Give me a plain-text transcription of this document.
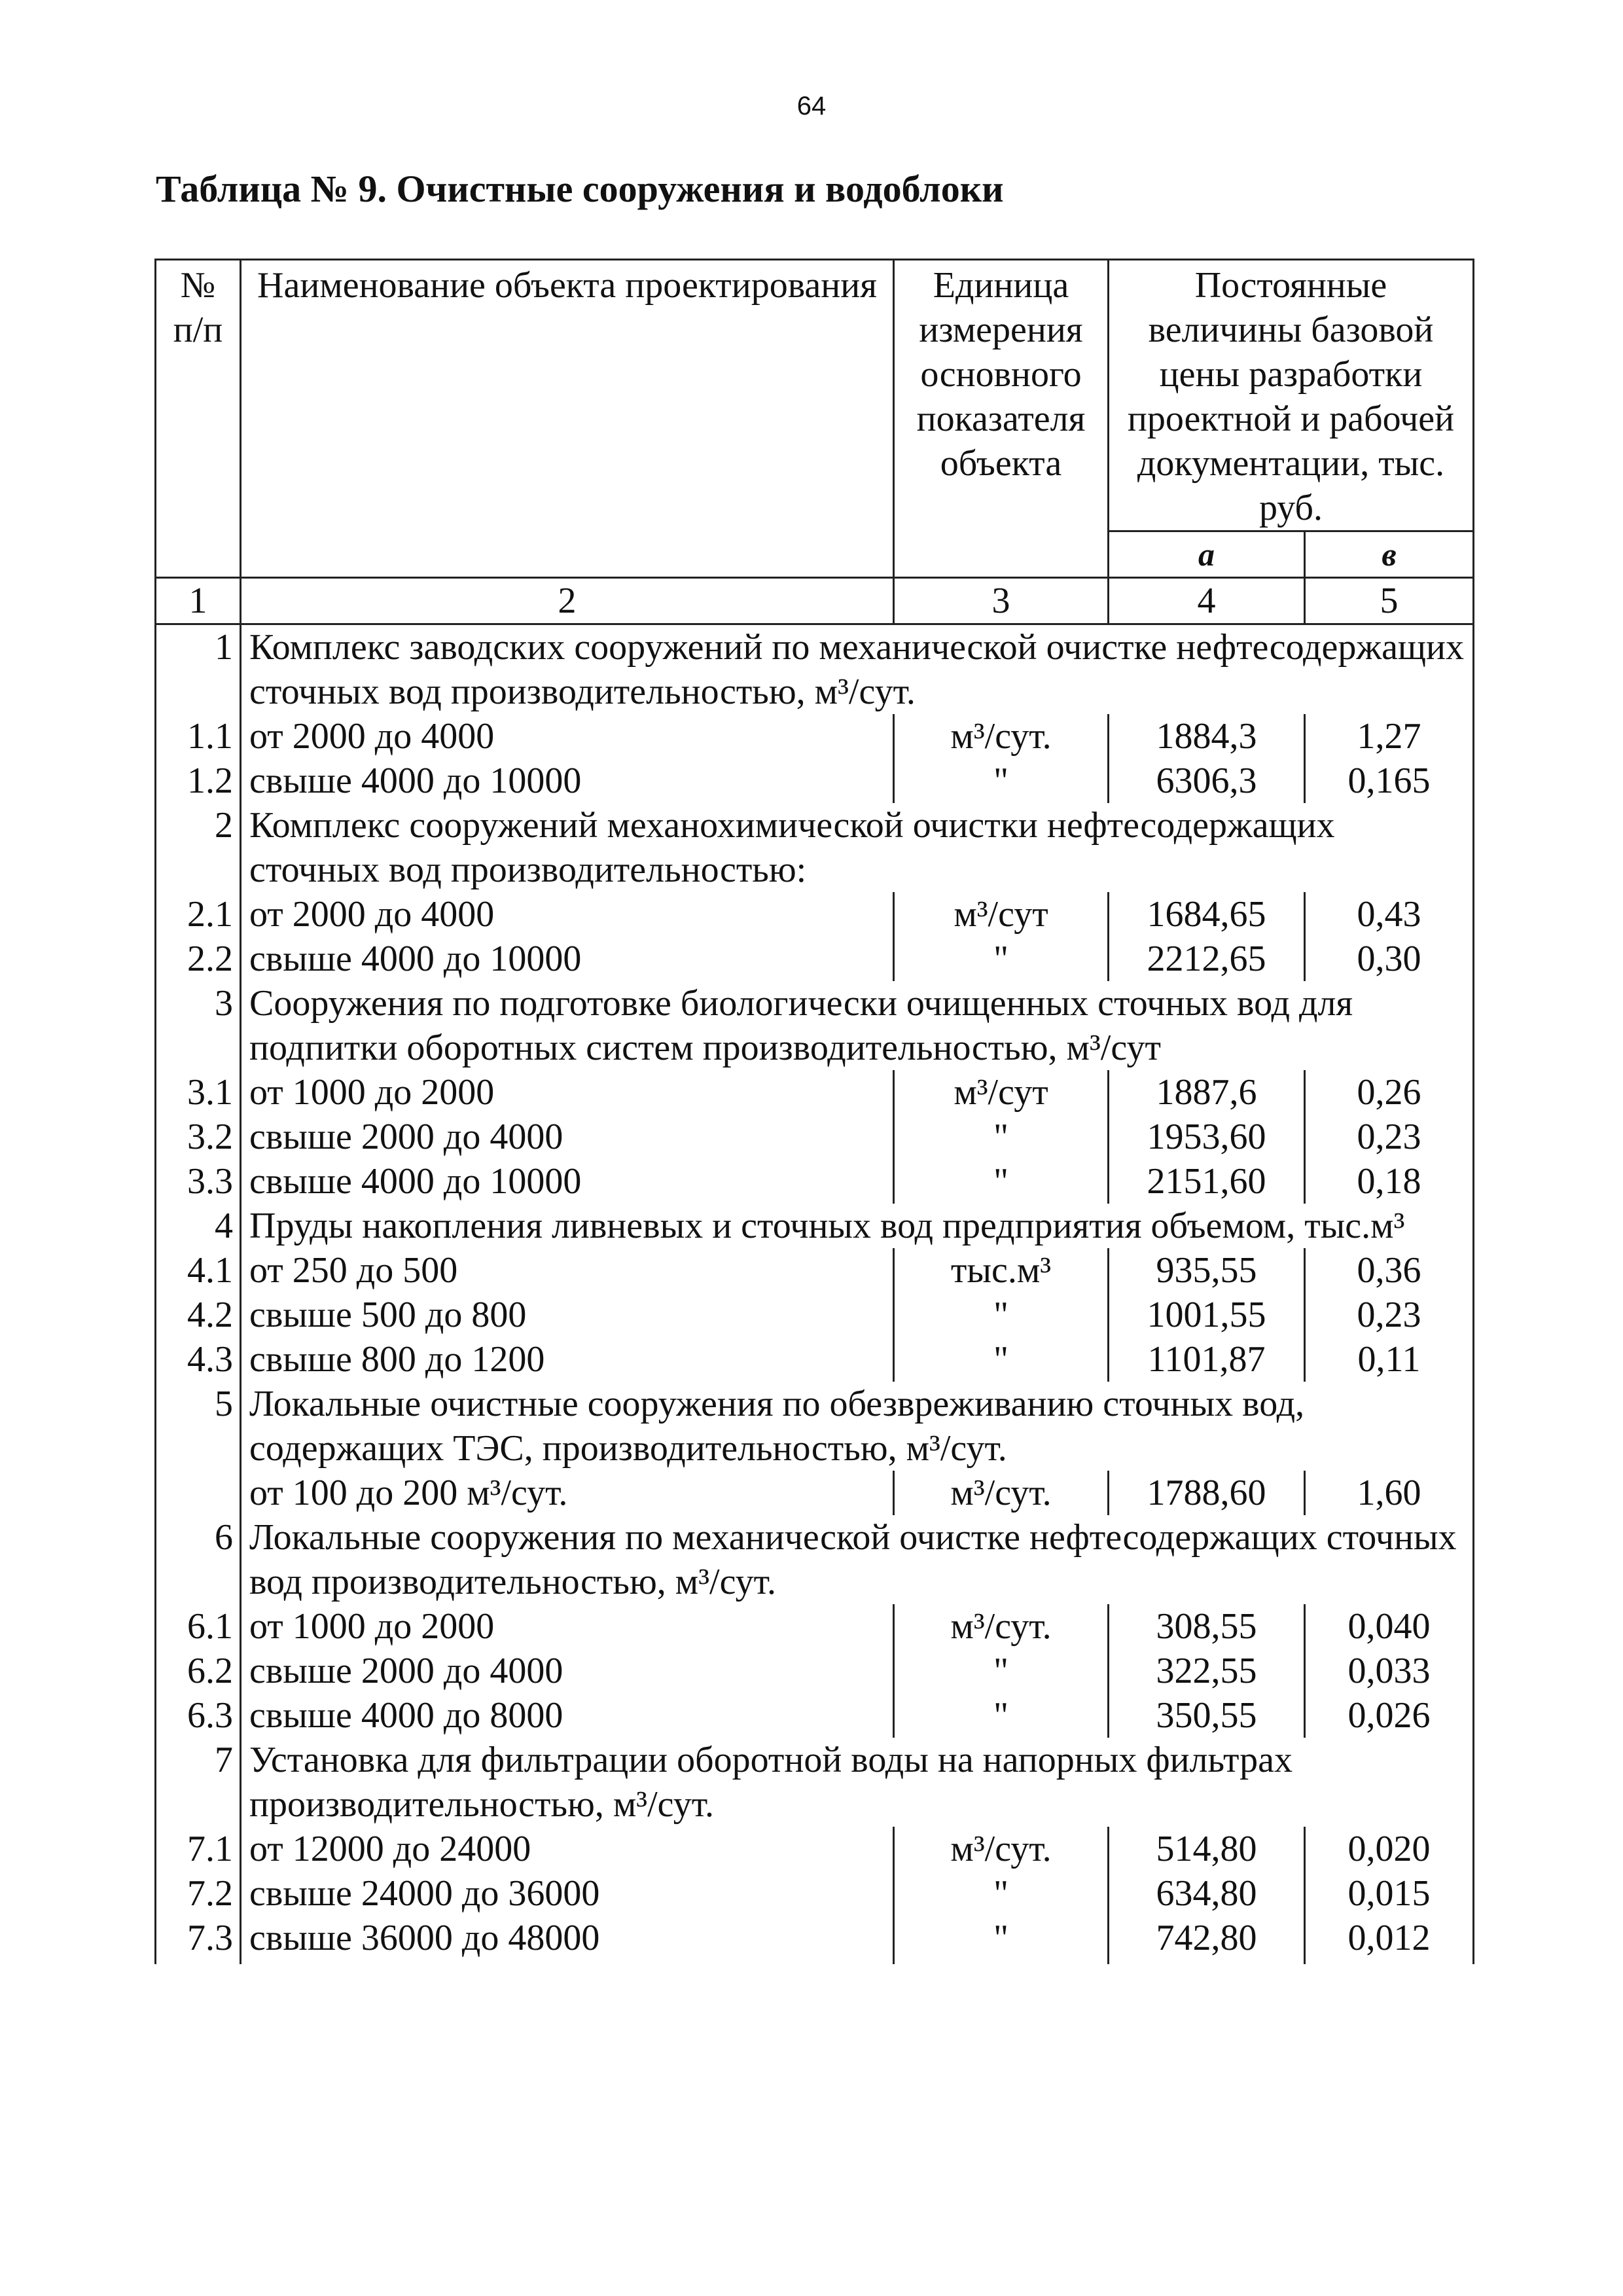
64
Таблица № 9. Очистные сооружения и водоблоки
№ п/п	Наименование объекта проектирования	Единица измерения основного показателя объекта	Постоянные величины базовой цены разработки проектной и рабочей документации, тыс. руб.	
			а	в
1	2	3	4	5
1	Комплекс заводских сооружений по механической очистке нефтесодержащих сточных вод производительностью, м³/сут.			
1.1	от 2000 до 4000	м³/сут.	1884,3	1,27
1.2	свыше 4000 до 10000	"	6306,3	0,165
2	Комплекс сооружений механохимической очистки нефтесодержащих сточных вод производительностью:			
2.1	от 2000 до 4000	м³/сут	1684,65	0,43
2.2	свыше 4000 до 10000	"	2212,65	0,30
3	Сооружения по подготовке биологически очищенных сточных вод для подпитки оборотных систем производительностью, м³/сут			
3.1	от 1000 до 2000	м³/сут	1887,6	0,26
3.2	свыше 2000 до 4000	"	1953,60	0,23
3.3	свыше 4000 до 10000	"	2151,60	0,18
4	Пруды накопления ливневых и сточных вод предприятия объемом, тыс.м³			
4.1	от 250 до 500	тыс.м³	935,55	0,36
4.2	свыше 500 до 800	"	1001,55	0,23
4.3	свыше 800 до 1200	"	1101,87	0,11
5	Локальные очистные сооружения по обезвреживанию сточных вод, содержащих ТЭС, производительностью, м³/сут.			
	от 100 до 200 м³/сут.	м³/сут.	1788,60	1,60
6	Локальные сооружения по механической очистке нефтесодержащих сточных вод производительностью, м³/сут.			
6.1	от 1000 до 2000	м³/сут.	308,55	0,040
6.2	свыше 2000 до 4000	"	322,55	0,033
6.3	свыше 4000 до 8000	"	350,55	0,026
7	Установка для фильтрации оборотной воды на напорных фильтрах производительностью, м³/сут.			
7.1	от 12000 до 24000	м³/сут.	514,80	0,020
7.2	свыше 24000 до 36000	"	634,80	0,015
7.3	свыше 36000 до 48000	"	742,80	0,012
